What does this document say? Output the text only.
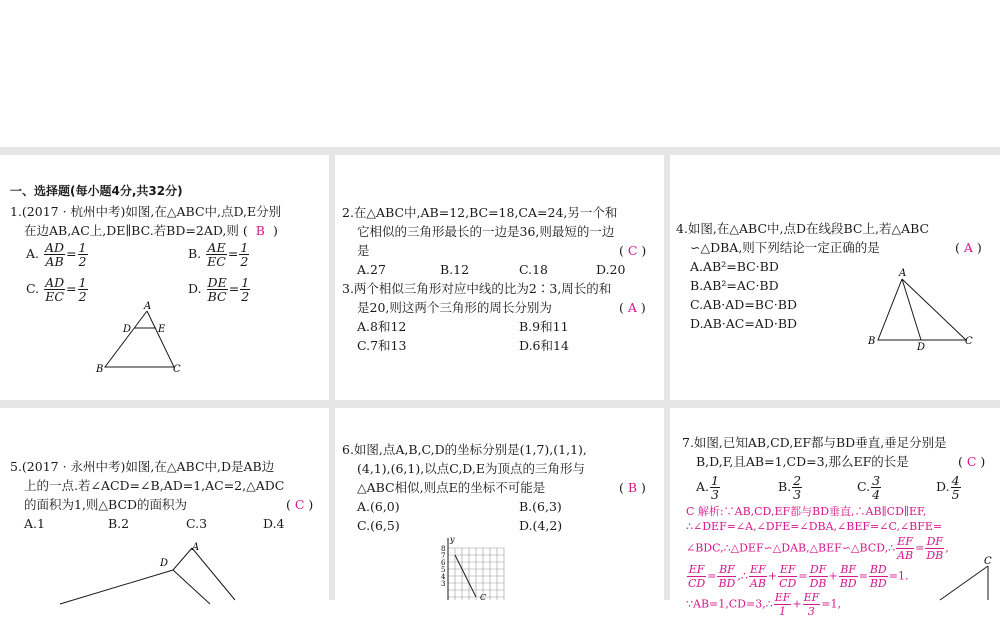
一、选择题(每小题4分,共32分)
1.(2017 · 杭州中考)如图,在△ABC中,点D,E分别
在边AB,AC上,DE∥BC.若BD=2AD,则 ( B )
A. $\frac{AD}{AB} = \frac{1}{2}$	B. $\frac{AE}{EC} = \frac{1}{2}$
C. $\frac{AD}{EC} = \frac{1}{2}$	D. $\frac{DE}{BC} = \frac{1}{2}$
A
D	E
B	C
2.在△ABC中,AB=12,BC=18,CA=24,另一个和
它相似的三角形最长的一边是36,则最短的一边
是	( C )
A.27	B.12	C.18	D.20
3.两个相似三角形对应中线的比为2∶3,周长的和
是20,则这两个三角形的周长分别为	( A )
A.8和12	B.9和11
C.7和13	D.6和14
4.如图,在△ABC中,点D在线段BC上,若△ABC
∽△DBA,则下列结论一定正确的是	( A )
A.AB²=BC·BD
B.AB²=AC·BD
C.AB·AD=BC·BD
D.AB·AC=AD·BD
A
B
D
C
5.(2017 · 永州中考)如图,在△ABC中,D是AB边
上的一点.若∠ACD=∠B,AD=1,AC=2,△ADC
的面积为1,则△BCD的面积为	( C )
A.1	B.2	C.3	D.4
A
D
6.如图,点A,B,C,D的坐标分别是(1,7),(1,1),
(4,1),(6,1),以点C,D,E为顶点的三角形与
△ABC相似,则点E的坐标不可能是	( B )
A.(6,0)	B.(6,3)
C.(6,5)	D.(4,2)
y
8
7
6
5
4
3
C
7.如图,已知AB,CD,EF都与BD垂直,垂足分别是
B,D,F,且AB=1,CD=3,那么EF的长是	( C )
A. $\frac{1}{3}$	B. $\frac{2}{3}$	C. $\frac{3}{4}$	D. $\frac{4}{5}$
C 解析:∵AB,CD,EF都与BD垂直,∴AB∥CD∥EF,
∴∠DEF=∠A,∠DFE=∠DBA,∠BEF=∠C,∠BFE=
∠BDC,∴△DEF∽△DAB,△BEF∽△BCD,∴ $\frac{EF}{AB} = \frac{DF}{DB}$ ,
$\frac{EF}{CD} = \frac{BF}{BD}$ ,∴ $\frac{EF}{AB} + \frac{EF}{CD} = \frac{DF}{DB} + \frac{BF}{BD} = \frac{BD}{BD} =1$.
∵AB=1,CD=3,∴ $\frac{EF}{1} + \frac{EF}{3} =1$,
C
